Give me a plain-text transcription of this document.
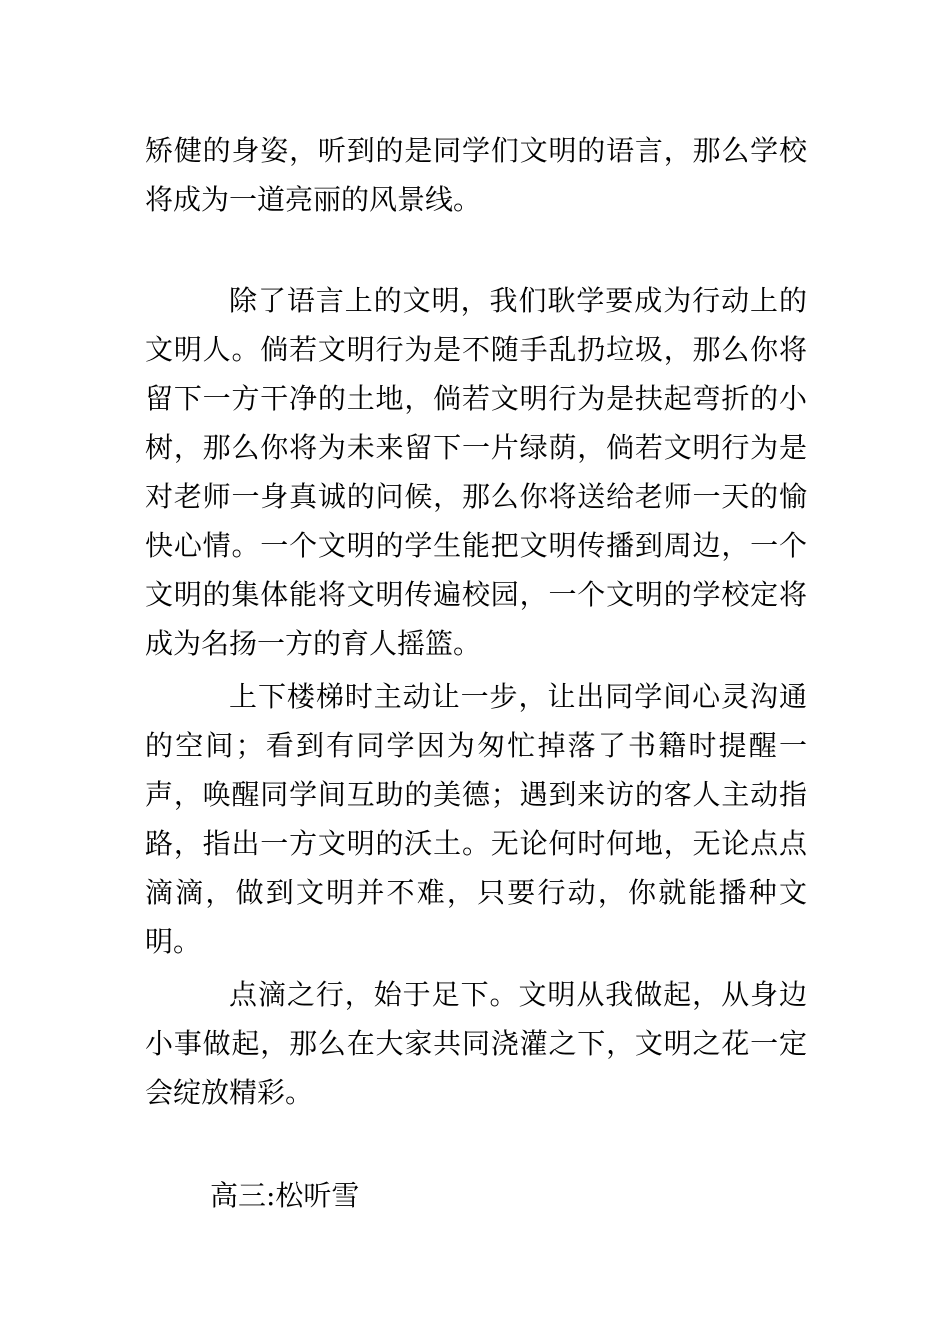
矫健的身姿，听到的是同学们文明的语言，那么学校将成为一道亮丽的风景线。

除了语言上的文明，我们耿学要成为行动上的文明人。倘若文明行为是不随手乱扔垃圾，那么你将留下一方干净的土地，倘若文明行为是扶起弯折的小树，那么你将为未来留下一片绿荫，倘若文明行为是对老师一身真诚的问候，那么你将送给老师一天的愉快心情。一个文明的学生能把文明传播到周边，一个文明的集体能将文明传遍校园，一个文明的学校定将成为名扬一方的育人摇篮。

上下楼梯时主动让一步，让出同学间心灵沟通的空间；看到有同学因为匆忙掉落了书籍时提醒一声，唤醒同学间互助的美德；遇到来访的客人主动指路，指出一方文明的沃土。无论何时何地，无论点点滴滴，做到文明并不难，只要行动，你就能播种文明。

点滴之行，始于足下。文明从我做起，从身边小事做起，那么在大家共同浇灌之下，文明之花一定会绽放精彩。

高三:松听雪
